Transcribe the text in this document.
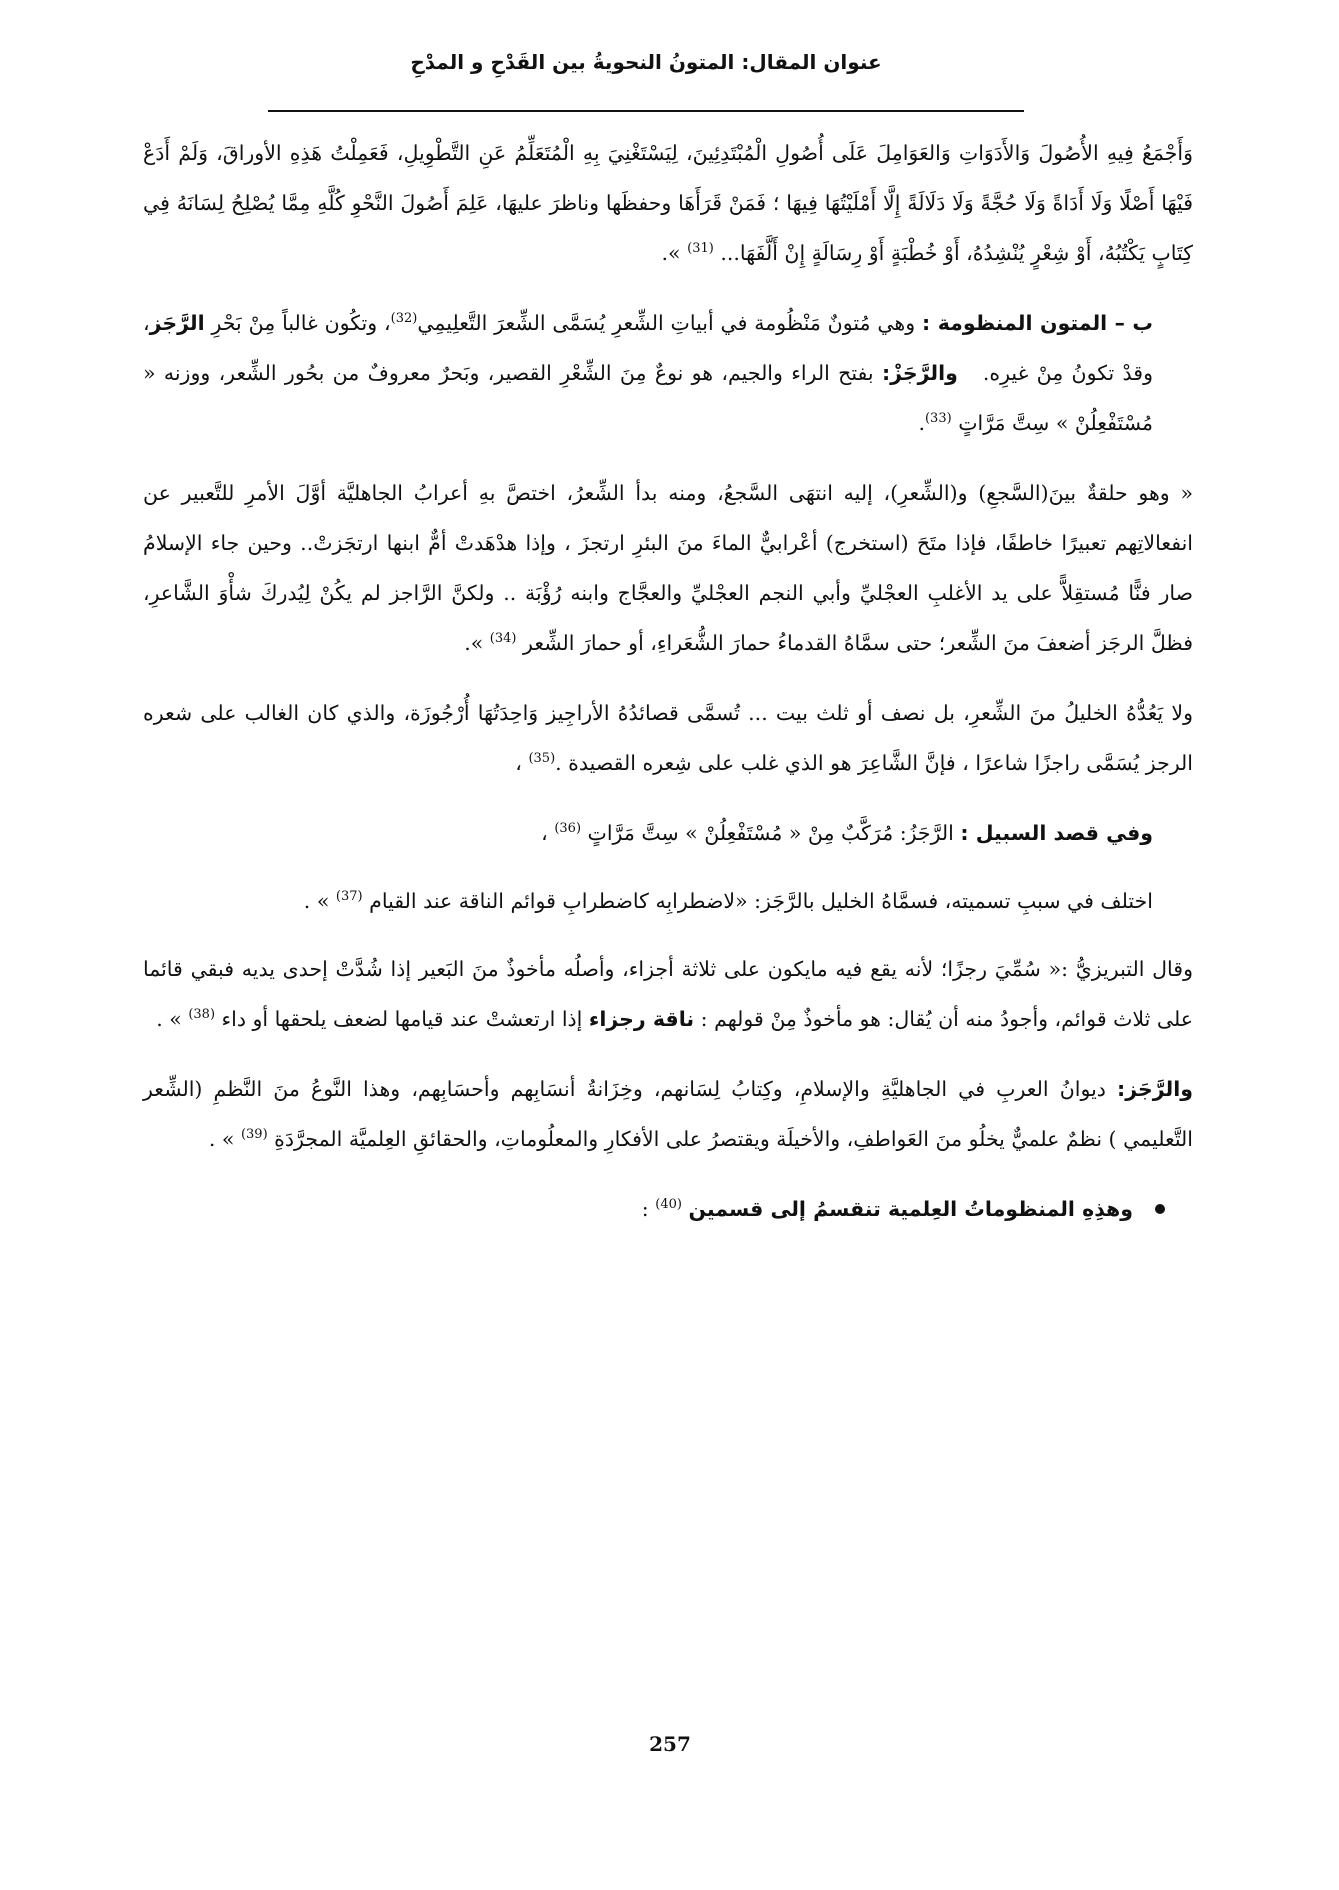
عنوان المقال: المتونُ النحويةُ بين القَدْحِ و المدْحِ

وَأَجْمَعُ فِيهِ الأُصُولَ وَالأَدَوَاتِ وَالعَوَامِلَ عَلَى أُصُولِ الْمُبْتَدِئِينَ، لِيَسْتَغْنِيَ بِهِ الْمُتَعَلِّمُ عَنِ التَّطْوِيلِ، فَعَمِلْتُ هَذِهِ الأوراقَ، وَلَمْ أَدَعْ فَيْهَا أَصْلًا وَلَا أَدَاةً وَلَا حُجَّةً وَلَا دَلَالَةً إِلَّا أَمْلَيْتُهَا فِيهَا ؛ فَمَنْ قَرَأَهَا وحفظَها وناظرَ عليهَا، عَلِمَ أَصُولَ النَّحْوِ كُلَّهِ مِمَّا يُصْلِحُ لِسَانَهُ فِي كِتَابٍ يَكْتُبُهُ، أَوْ شِعْرٍ يُنْشِدُهُ، أَوْ خُطْبَةٍ أَوْ رِسَالَةٍ إِنْ أَلَّفَهَا... $^{(31)}$ ».

ب – المتون المنظومة : وهي مُتونٌ مَنْظُومة في أبياتِ الشِّعرِ يُسَمَّى الشِّعرَ التَّعلِيمِي$^{(32)}$، وتكُون غالباً مِنْ بَحْرِ الرَّجَز، وقدْ تكونُ مِنْ غيرِه.   والرَّجَزْ: بفتح الراء والجيم، هو نوعٌ مِنَ الشِّعْرِ القصير، وبَحرٌ معروفٌ من بحُور الشِّعر، ووزنه « مُسْتَفْعِلُنْ » سِتَّ مَرَّاتٍ $^{(33)}$.

« وهو حلقةٌ بينَ(السَّجعِ) و(الشِّعرِ)، إليه انتهَى السَّجعُ، ومنه بدأ الشِّعرُ، اختصَّ بهِ أعرابُ الجاهليَّة أوَّلَ الأمرِ للتَّعبير عن انفعالاتِهم تعبيرًا خاطفًا، فإذا متَحَ (استخرج) أعْرابيٌّ الماءَ منَ البئرِ ارتجزَ ، وإذا هدْهَدتْ أمٌّ ابنها ارتجَزتْ.. وحين جاء الإسلامُ صار فنًّا مُستقِلاًّ على يد الأغلبِ العجْليِّ وأبي النجم العجْليِّ والعجَّاج وابنه رُؤْبَة .. ولكنَّ الرَّاجز لم يكُنْ لِيُدركَ شأْوَ الشَّاعرِ، فظلَّ الرجَز أضعفَ منَ الشِّعر؛ حتى سمَّاهُ القدماءُ حمارَ الشُّعَراءِ، أو حمارَ الشِّعر $^{(34)}$ ».

ولا يَعُدُّهُ الخليلُ منَ الشِّعرِ، بل نصف أو ثلث بيت ... تُسمَّى قصائدُهُ الأراجِيز وَاحِدَتُهَا أُرْجُوزَة، والذي كان الغالب على شعره الرجز يُسَمَّى راجزًا شاعرًا ، فإنَّ الشَّاعِرَ هو الذي غلب على شِعره القصيدة .$^{(35)}$ ،

وفي قصد السبيل : الرَّجَزُ: مُرَكَّبٌ مِنْ « مُسْتَفْعِلُنْ » سِتَّ مَرَّاتٍ $^{(36)}$ ،

اختلف في سببِ تسميته، فسمَّاهُ الخليل بالرَّجَز: «لاضطرابِه كاضطرابِ قوائم الناقة عند القيام $^{(37)}$ » .

وقال التبريزيُّ :« سُمِّيَ رجزًا؛ لأنه يقع فيه مايكون على ثلاثة أجزاء، وأصلُه مأخوذٌ منَ البَعير إذا شُدَّتْ إحدى يديه فبقي قائما على ثلاث قوائم، وأجودُ منه أن يُقال: هو مأخوذٌ مِنْ قولهم : ناقة رجزاء إذا ارتعشتْ عند قيامها لضعف يلحقها أو داء $^{(38)}$ » .

والرَّجَز: ديوانُ العربِ في الجاهليَّةِ والإسلامِ، وكِتابُ لِسَانهم، وخِزَانةُ أنسَابِهم وأحسَابِهم، وهذا النَّوعُ منَ النَّظمِ (الشِّعر التَّعليمي ) نظمٌ علميٌّ يخلُو منَ العَواطفِ، والأخيلَة ويقتصرُ على الأفكارِ والمعلُوماتِ، والحقائقِ العِلميَّة المجرَّدَةِ $^{(39)}$ » .

وهذِهِ المنظوماتُ العِلمية تنقسمُ إلى قسمين $^{(40)}$ :

257
